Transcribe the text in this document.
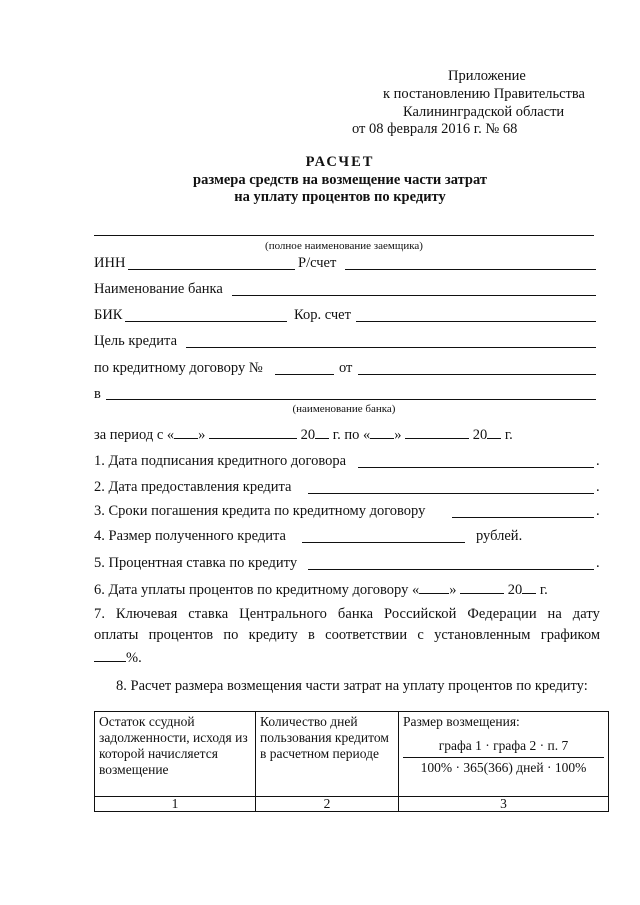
Приложение
к постановлению Правительства
Калининградской области
от 08 февраля 2016 г. № 68
РАСЧЕТ
размера средств на возмещение части затрат
на уплату процентов по кредиту
(полное наименование заемщика)
ИНН	Р/счет
Наименование банка
БИК	Кор. счет
Цель кредита
по кредитному договору №	от
в
(наименование банка)
за период с « »	20 г. по « »	20 г.
1. Дата подписания кредитного договора	.
2. Дата предоставления кредита	.
3. Сроки погашения кредита по кредитному договору	.
4. Размер полученного кредита	рублей.
5. Процентная ставка по кредиту	.
6. Дата уплаты процентов по кредитному договору « »	20 г.
7. Ключевая ставка Центрального банка Российской Федерации на дату
оплаты процентов по кредиту в соответствии с установленным графиком
%.
8. Расчет размера возмещения части затрат на уплату процентов по кредиту:
Остаток ссудной задолженности, исходя из которой начисляется возмещение	Количество дней пользования кредитом в расчетном периоде	Размер возмещения:
графа 1 · графа 2 · п. 7
100% · 365(366) дней · 100%

1	2	3
